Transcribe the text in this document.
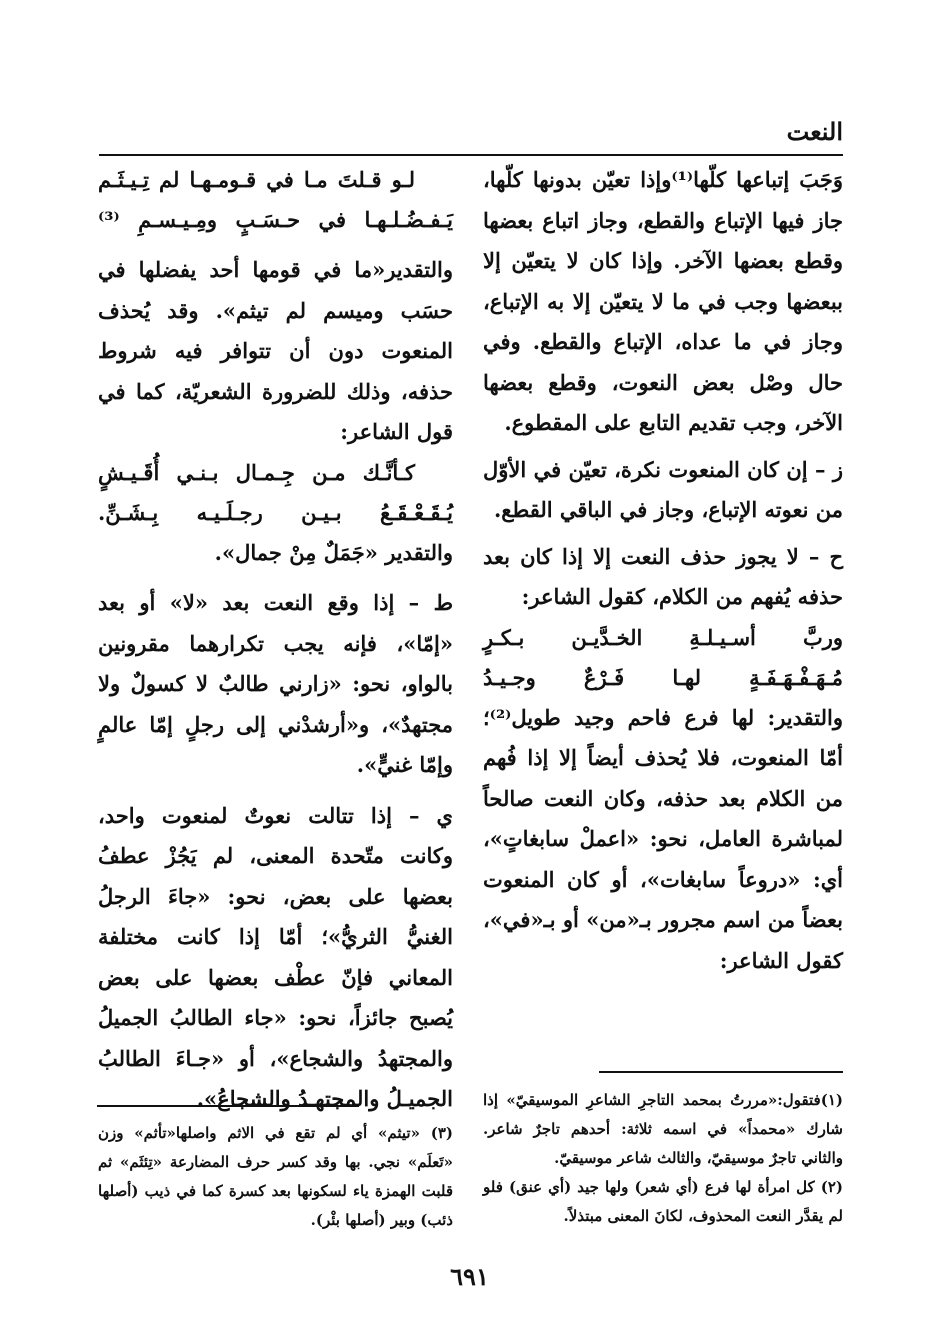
النعت

وَجَبَ إتباعها كلّها⁽¹⁾وإذا تعيّن بدونها كلّها، جاز فيها الإتباع والقطع، وجاز اتباع بعضها وقطع بعضها الآخر. وإذا كان لا يتعيّن إلا ببعضها وجب في ما لا يتعيّن إلا به الإتباع، وجاز في ما عداه، الإتباع والقطع. وفي حال وصْل بعض النعوت، وقطع بعضها الآخر، وجب تقديم التابع على المقطوع.

ز – إن كان المنعوت نكرة، تعيّن في الأوّل من نعوته الإتباع، وجاز في الباقي القطع.

ح – لا يجوز حذف النعت إلا إذا كان بعد حذفه يُفهم من الكلام، كقول الشاعر:

وربَّ أسـيـلـةِ الخـدَّيـن بـكـرٍ

مُـهَـفْـهَـفَـةٍ لهـا فَـرْعٌ وجـيـدُ

والتقدير: لها فرع فاحم وجيد طويل⁽²⁾؛ أمّا المنعوت، فلا يُحذف أيضاً إلا إذا فُهم من الكلام بعد حذفه، وكان النعت صالحاً لمباشرة العامل، نحو: «اعملْ سابغاتٍ»، أي: «دروعاً سابغات»، أو كان المنعوت بعضاً من اسم مجرور بـ«من» أو بـ«في»، كقول الشاعر:

لـو قـلتَ مـا في قـومـهـا لم تِـيـثَـم

يَـفـضُـلـهـا في حـسَـبٍ ومِـيـسـمِ ⁽³⁾

والتقدير«ما في قومها أحد يفضلها في حسَب وميسم لم تيثم». وقد يُحذف المنعوت دون أن تتوافر فيه شروط حذفه، وذلك للضرورة الشعريّة، كما في قول الشاعر:

كـأنَّـك مـن جِـمـال بـنـي أُقَـيـشٍ

يُـقَـعْـقَـعُ بـيـن رجـلَـيـه بِـشَـنِّ.

والتقدير «جَمَلٌ مِنْ جمال».

ط – إذا وقع النعت بعد «لا» أو بعد «إمّا»، فإنه يجب تكرارهما مقرونين بالواو، نحو: «زارني طالبٌ لا كسولٌ ولا مجتهدٌ»، و«أرشدْني إلى رجلٍ إمّا عالمٍ وإمّا غنيٍّ».

ي – إذا تتالت نعوتٌ لمنعوت واحد، وكانت متّحدة المعنى، لم يَجُزْ عطفُ بعضها على بعض، نحو: «جاءَ الرجلُ الغنيُّ الثريُّ»؛ أمّا إذا كانت مختلفة المعاني فإنّ عطْف بعضها على بعض يُصبح جائزاً، نحو: «جاء الطالبُ الجميلُ والمجتهدُ والشجاع»، أو «جـاءَ الطالبُ الجميـلُ والمجتهـدُ والشجاعُ». (١)فتقول:«مررتُ بمحمد التاجرِ الشاعرِ الموسيقيّ» إذا شارك «محمداً» في اسمه ثلاثة: أحدهم تاجرٌ شاعر. والثاني تاجرٌ موسيقيّ، والثالث شاعر موسيقيّ.

(٢) كل امرأة لها فرع (أي شعر) ولها جيد (أي عنق) فلو لم يقدَّر النعت المحذوف، لكانَ المعنى مبتذلاً.

(٣) «تيثم» أي لم تقع في الاثم واصلها«تأثم» وزن «تَعلَم» نجي. بها وقد كسر حرف المضارعة «تِئثَم» ثم قلبت الهمزة ياء لسكونها بعد كسرة كما في ذيب (أصلها ذئب) وبير (أصلها بئْر).

٦٩١
